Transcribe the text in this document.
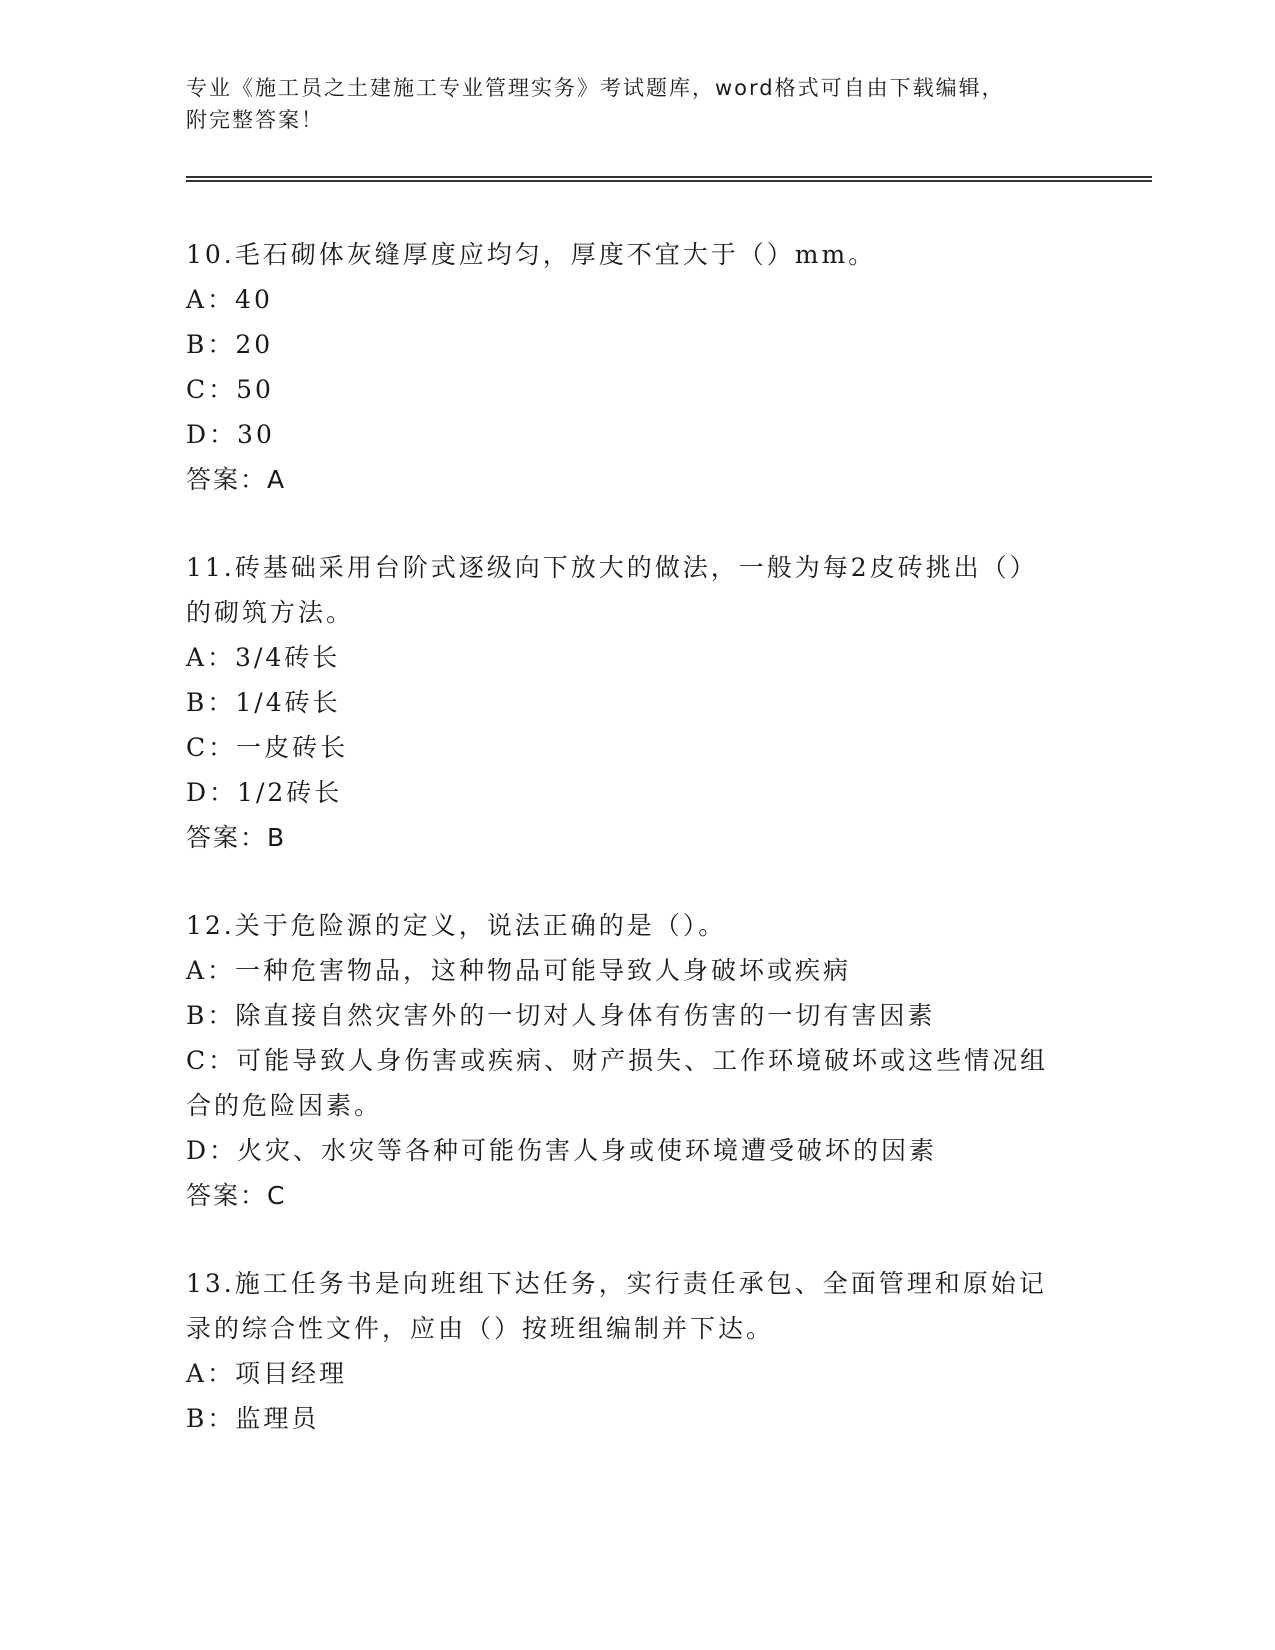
专业《施工员之土建施工专业管理实务》考试题库，word格式可自由下载编辑，
附完整答案！

10.毛石砌体灰缝厚度应均匀，厚度不宜大于（）mm。

A：40

B：20

C：50

D：30

答案：A

11.砖基础采用台阶式逐级向下放大的做法，一般为每2皮砖挑出（）

的砌筑方法。

A：3/4砖长

B：1/4砖长

C：一皮砖长

D：1/2砖长

答案：B

12.关于危险源的定义，说法正确的是（）。

A：一种危害物品，这种物品可能导致人身破坏或疾病

B：除直接自然灾害外的一切对人身体有伤害的一切有害因素

C：可能导致人身伤害或疾病、财产损失、工作环境破坏或这些情况组

合的危险因素。

D：火灾、水灾等各种可能伤害人身或使环境遭受破坏的因素

答案：C

13.施工任务书是向班组下达任务，实行责任承包、全面管理和原始记

录的综合性文件，应由（）按班组编制并下达。

A：项目经理

B：监理员
